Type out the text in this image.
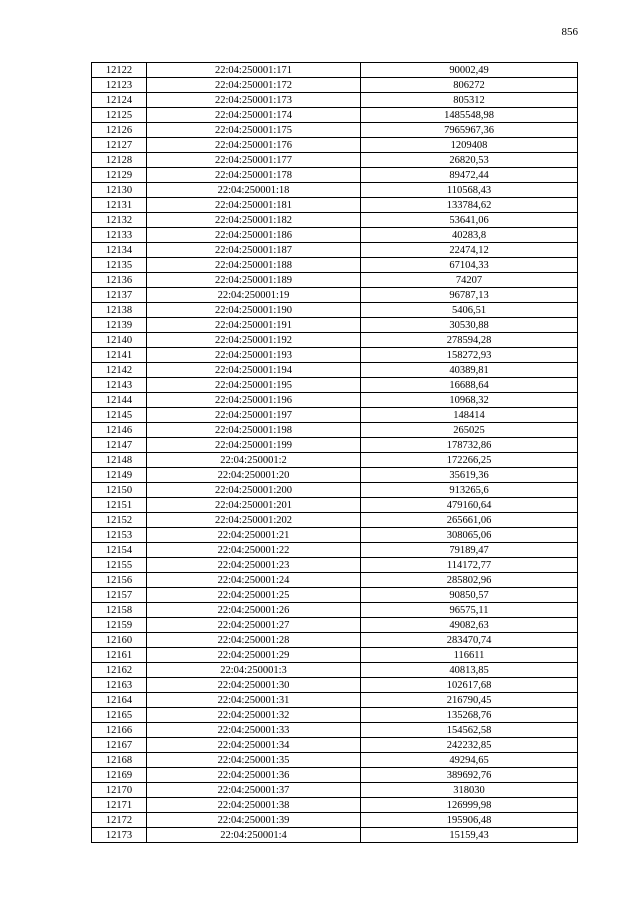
856
12122	22:04:250001:171	90002,49
12123	22:04:250001:172	806272
12124	22:04:250001:173	805312
12125	22:04:250001:174	1485548,98
12126	22:04:250001:175	7965967,36
12127	22:04:250001:176	1209408
12128	22:04:250001:177	26820,53
12129	22:04:250001:178	89472,44
12130	22:04:250001:18	110568,43
12131	22:04:250001:181	133784,62
12132	22:04:250001:182	53641,06
12133	22:04:250001:186	40283,8
12134	22:04:250001:187	22474,12
12135	22:04:250001:188	67104,33
12136	22:04:250001:189	74207
12137	22:04:250001:19	96787,13
12138	22:04:250001:190	5406,51
12139	22:04:250001:191	30530,88
12140	22:04:250001:192	278594,28
12141	22:04:250001:193	158272,93
12142	22:04:250001:194	40389,81
12143	22:04:250001:195	16688,64
12144	22:04:250001:196	10968,32
12145	22:04:250001:197	148414
12146	22:04:250001:198	265025
12147	22:04:250001:199	178732,86
12148	22:04:250001:2	172266,25
12149	22:04:250001:20	35619,36
12150	22:04:250001:200	913265,6
12151	22:04:250001:201	479160,64
12152	22:04:250001:202	265661,06
12153	22:04:250001:21	308065,06
12154	22:04:250001:22	79189,47
12155	22:04:250001:23	114172,77
12156	22:04:250001:24	285802,96
12157	22:04:250001:25	90850,57
12158	22:04:250001:26	96575,11
12159	22:04:250001:27	49082,63
12160	22:04:250001:28	283470,74
12161	22:04:250001:29	116611
12162	22:04:250001:3	40813,85
12163	22:04:250001:30	102617,68
12164	22:04:250001:31	216790,45
12165	22:04:250001:32	135268,76
12166	22:04:250001:33	154562,58
12167	22:04:250001:34	242232,85
12168	22:04:250001:35	49294,65
12169	22:04:250001:36	389692,76
12170	22:04:250001:37	318030
12171	22:04:250001:38	126999,98
12172	22:04:250001:39	195906,48
12173	22:04:250001:4	15159,43
